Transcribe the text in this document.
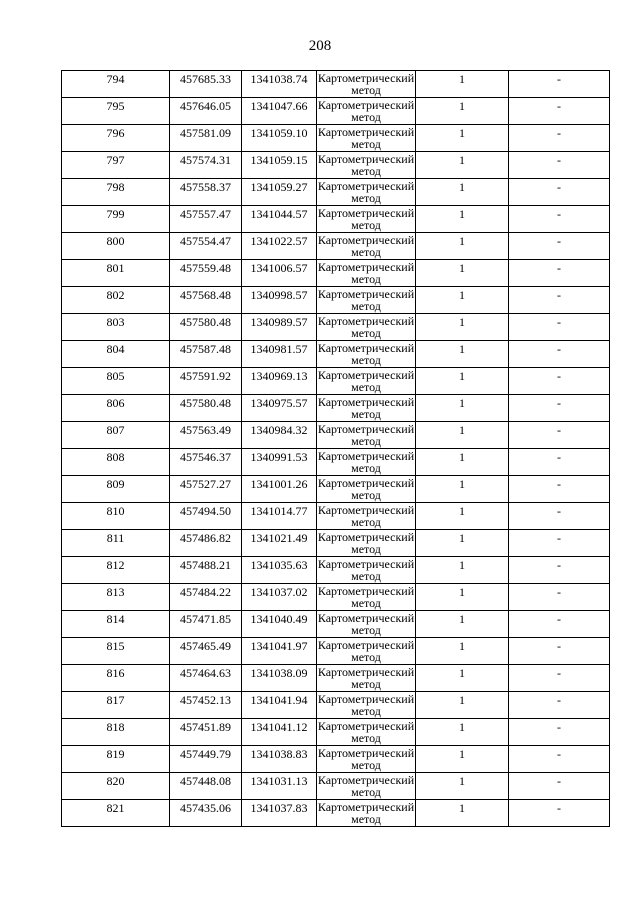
208
794	457685.33	1341038.74	Картометрический метод	1	-
795	457646.05	1341047.66	Картометрический метод	1	-
796	457581.09	1341059.10	Картометрический метод	1	-
797	457574.31	1341059.15	Картометрический метод	1	-
798	457558.37	1341059.27	Картометрический метод	1	-
799	457557.47	1341044.57	Картометрический метод	1	-
800	457554.47	1341022.57	Картометрический метод	1	-
801	457559.48	1341006.57	Картометрический метод	1	-
802	457568.48	1340998.57	Картометрический метод	1	-
803	457580.48	1340989.57	Картометрический метод	1	-
804	457587.48	1340981.57	Картометрический метод	1	-
805	457591.92	1340969.13	Картометрический метод	1	-
806	457580.48	1340975.57	Картометрический метод	1	-
807	457563.49	1340984.32	Картометрический метод	1	-
808	457546.37	1340991.53	Картометрический метод	1	-
809	457527.27	1341001.26	Картометрический метод	1	-
810	457494.50	1341014.77	Картометрический метод	1	-
811	457486.82	1341021.49	Картометрический метод	1	-
812	457488.21	1341035.63	Картометрический метод	1	-
813	457484.22	1341037.02	Картометрический метод	1	-
814	457471.85	1341040.49	Картометрический метод	1	-
815	457465.49	1341041.97	Картометрический метод	1	-
816	457464.63	1341038.09	Картометрический метод	1	-
817	457452.13	1341041.94	Картометрический метод	1	-
818	457451.89	1341041.12	Картометрический метод	1	-
819	457449.79	1341038.83	Картометрический метод	1	-
820	457448.08	1341031.13	Картометрический метод	1	-
821	457435.06	1341037.83	Картометрический метод	1	-
